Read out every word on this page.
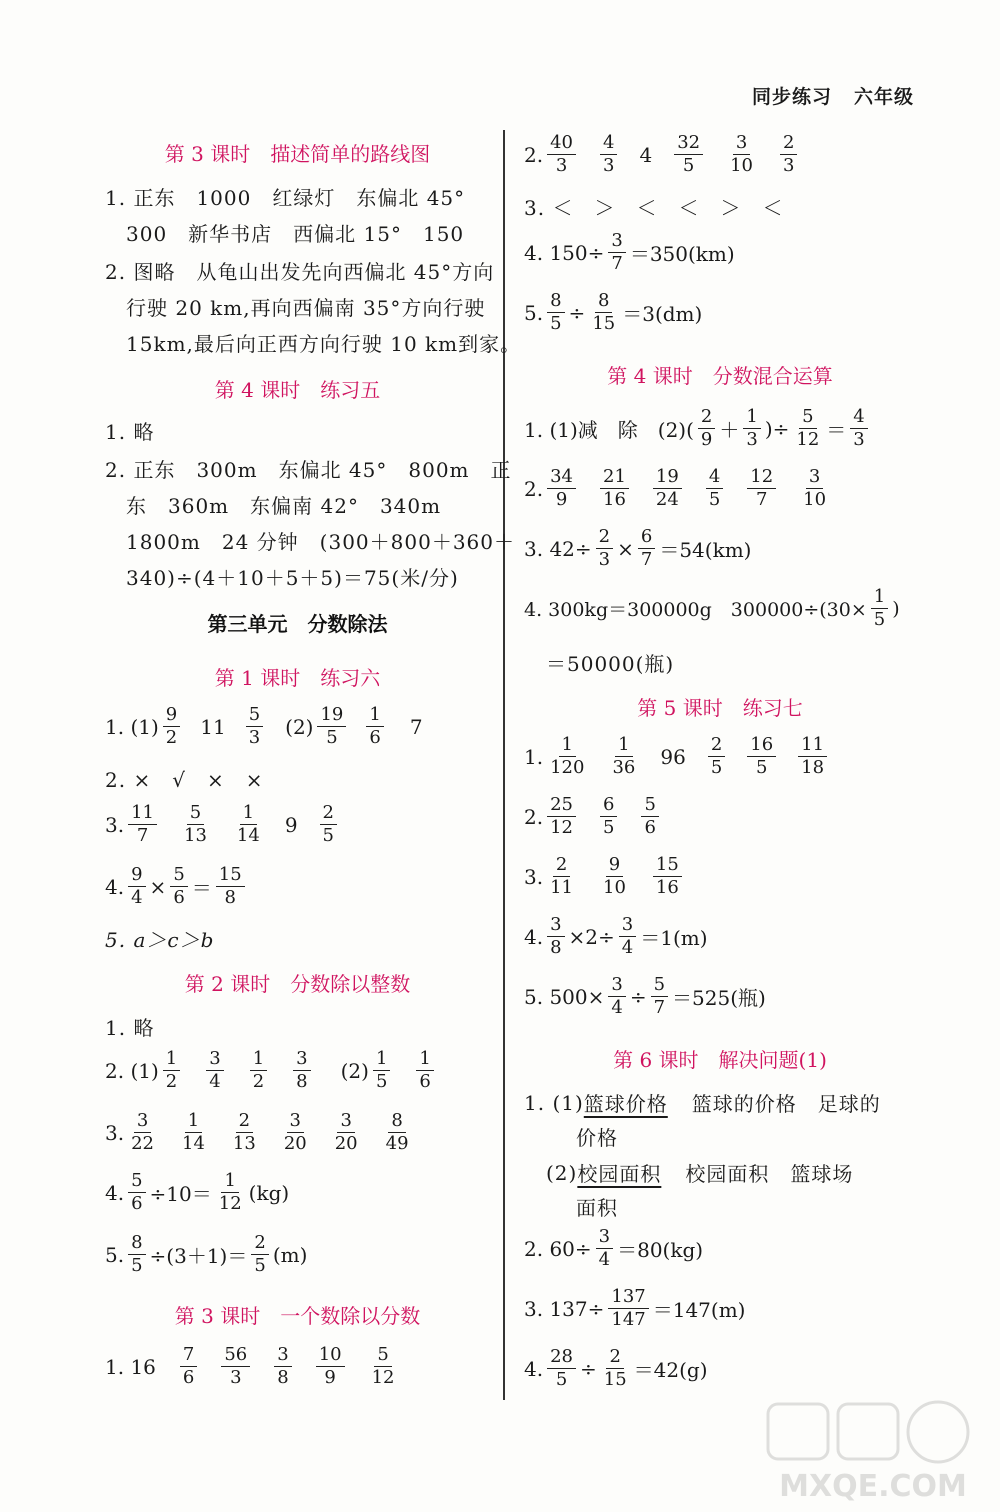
同步练习 六年级
第 3 课时　描述简单的路线图
1. 正东　1000　红绿灯　东偏北 45°
300　新华书店　西偏北 15°　150
2. 图略　从龟山出发先向西偏北 45°方向
行驶 20 km,再向西偏南 35°方向行驶
15km,最后向正西方向行驶 10 km到家。
第 4 课时　练习五
1. 略
2. 正东　300m　东偏北 45°　800m　正
东　360m　东偏南 42°　340m
1800m　24 分钟　(300＋800＋360＋
340)÷(4＋10＋5＋5)＝75(米/分)
第三单元　分数除法
第 1 课时　练习六
1. $(1) \frac{9}{2} 11 \frac{5}{3} (2) \frac{19}{5} \frac{1}{6} 7$
2. ×　√　×　×
3. $\frac{11}{7} \frac{5}{13} \frac{1}{14} 9 \frac{2}{5}$
4. $\frac{9}{4} \times \frac{5}{6} = \frac{15}{8}$
5. a＞c＞b
第 2 课时　分数除以整数
1. 略
2. $(1) \frac{1}{2} \frac{3}{4} \frac{1}{2} \frac{3}{8} (2) \frac{1}{5} \frac{1}{6}$
3. $\frac{3}{22} \frac{1}{14} \frac{2}{13} \frac{3}{20} \frac{3}{20} \frac{8}{49}$
4. $\frac{5}{6} \div 10= \frac{1}{12} (kg)$
5. $\frac{8}{5} \div(3+1)= \frac{2}{5} (m)$
第 3 课时　一个数除以分数
1. $16 \frac{7}{6} \frac{56}{3} \frac{3}{8} \frac{10}{9} \frac{5}{12}$
2. $\frac{40}{3} \frac{4}{3} 4 \frac{32}{5} \frac{3}{10} \frac{2}{3}$
3. ＜　＞　＜　＜　＞　＜
4. $150\div \frac{3}{7} =350(km)$
5. $\frac{8}{5} \div \frac{8}{15} =3(dm)$
第 4 课时　分数混合运算
1. (1)减　除　$(2)( \frac{2}{9} + \frac{1}{3}$ )÷ $\frac{5}{12} = \frac{4}{3}$
2. $\frac{34}{9} \frac{21}{16} \frac{19}{24} \frac{4}{5} \frac{12}{7} \frac{3}{10}$
3. $42\div \frac{2}{3} \times \frac{6}{7} =54(km)$
4. 300kg＝300000g　$300000\div(30\times \frac{1}{5}$ )
＝50000(瓶)
第 5 课时　练习七
1. $\frac{1}{120} \frac{1}{36} 96 \frac{2}{5} \frac{16}{5} \frac{11}{18}$
2. $\frac{25}{12} \frac{6}{5} \frac{5}{6}$
3. $\frac{2}{11} \frac{9}{10} \frac{15}{16}$
4. $\frac{3}{8} \times 2\div \frac{3}{4} =1(m)$
5. $500\times \frac{3}{4} \div \frac{5}{7} =525$(瓶)
第 6 课时　解决问题(1)
1. (1) 篮球价格 篮球的价格　足球的
价格
(2) 校园面积 校园面积　篮球场
面积
2. $60\div \frac{3}{4} =80(kg)$
3. $137\div \frac{137}{147} =147(m)$
4. $\frac{28}{5} \div \frac{2}{15} =42(g)$
MXQE.COM
